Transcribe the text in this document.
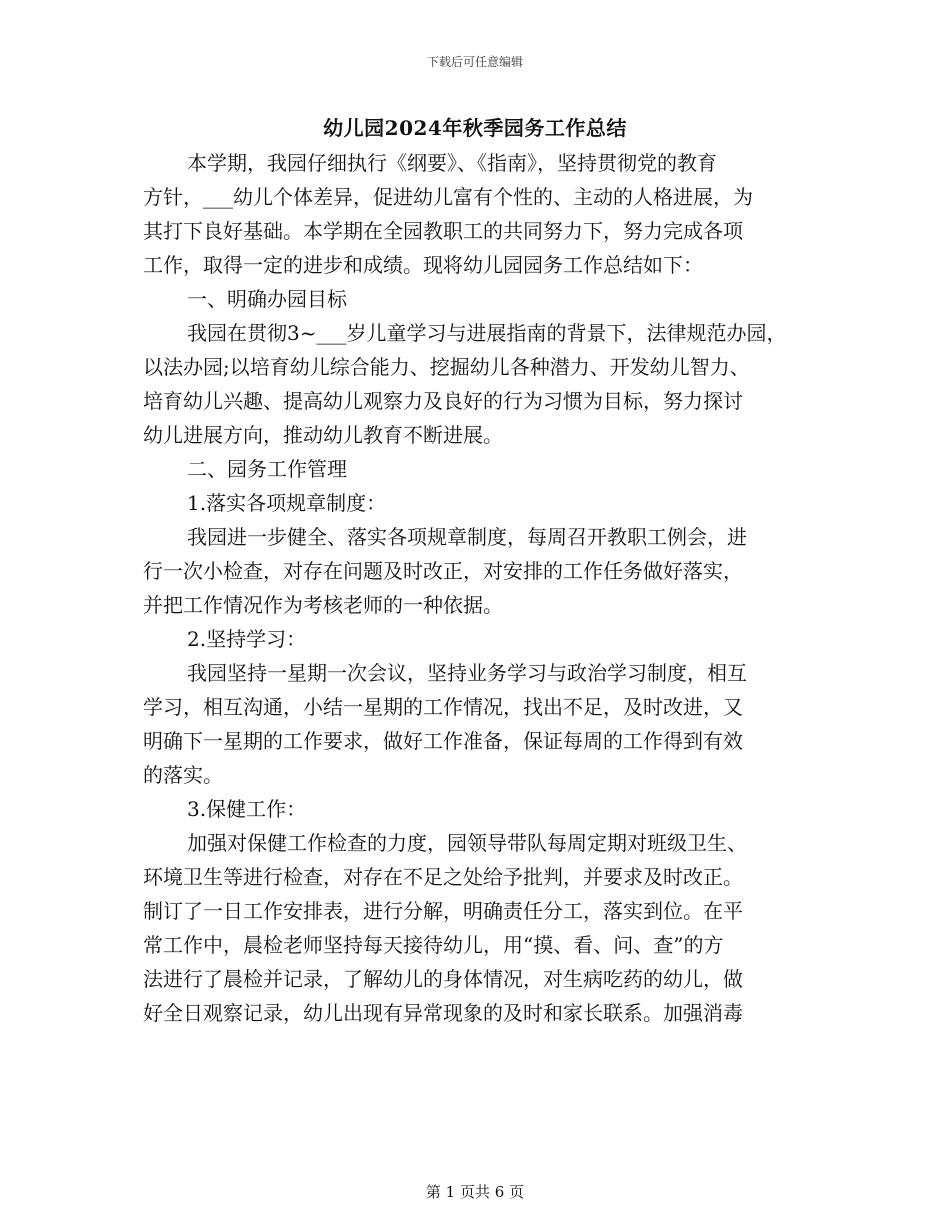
下载后可任意编辑
幼儿园2024年秋季园务工作总结
本学期，我园仔细执行《纲要》、《指南》，坚持贯彻党的教育
方针，___幼儿个体差异，促进幼儿富有个性的、主动的人格进展，为
其打下良好基础。本学期在全园教职工的共同努力下，努力完成各项
工作，取得一定的进步和成绩。现将幼儿园园务工作总结如下：
一、明确办园目标
我园在贯彻3~___岁儿童学习与进展指南的背景下，法律规范办园，
以法办园;以培育幼儿综合能力、挖掘幼儿各种潜力、开发幼儿智力、
培育幼儿兴趣、提高幼儿观察力及良好的行为习惯为目标，努力探讨
幼儿进展方向，推动幼儿教育不断进展。
二、园务工作管理
1.落实各项规章制度：
我园进一步健全、落实各项规章制度，每周召开教职工例会，进
行一次小检查，对存在问题及时改正，对安排的工作任务做好落实，
并把工作情况作为考核老师的一种依据。
2.坚持学习：
我园坚持一星期一次会议，坚持业务学习与政治学习制度，相互
学习，相互沟通，小结一星期的工作情况，找出不足，及时改进，又
明确下一星期的工作要求，做好工作准备，保证每周的工作得到有效
的落实。
3.保健工作：
加强对保健工作检查的力度，园领导带队每周定期对班级卫生、
环境卫生等进行检查，对存在不足之处给予批判，并要求及时改正。
制订了一日工作安排表，进行分解，明确责任分工，落实到位。在平
常工作中，晨检老师坚持每天接待幼儿，用“摸、看、问、查”的方
法进行了晨检并记录，了解幼儿的身体情况，对生病吃药的幼儿，做
好全日观察记录，幼儿出现有异常现象的及时和家长联系。加强消毒
第 1 页共 6 页
